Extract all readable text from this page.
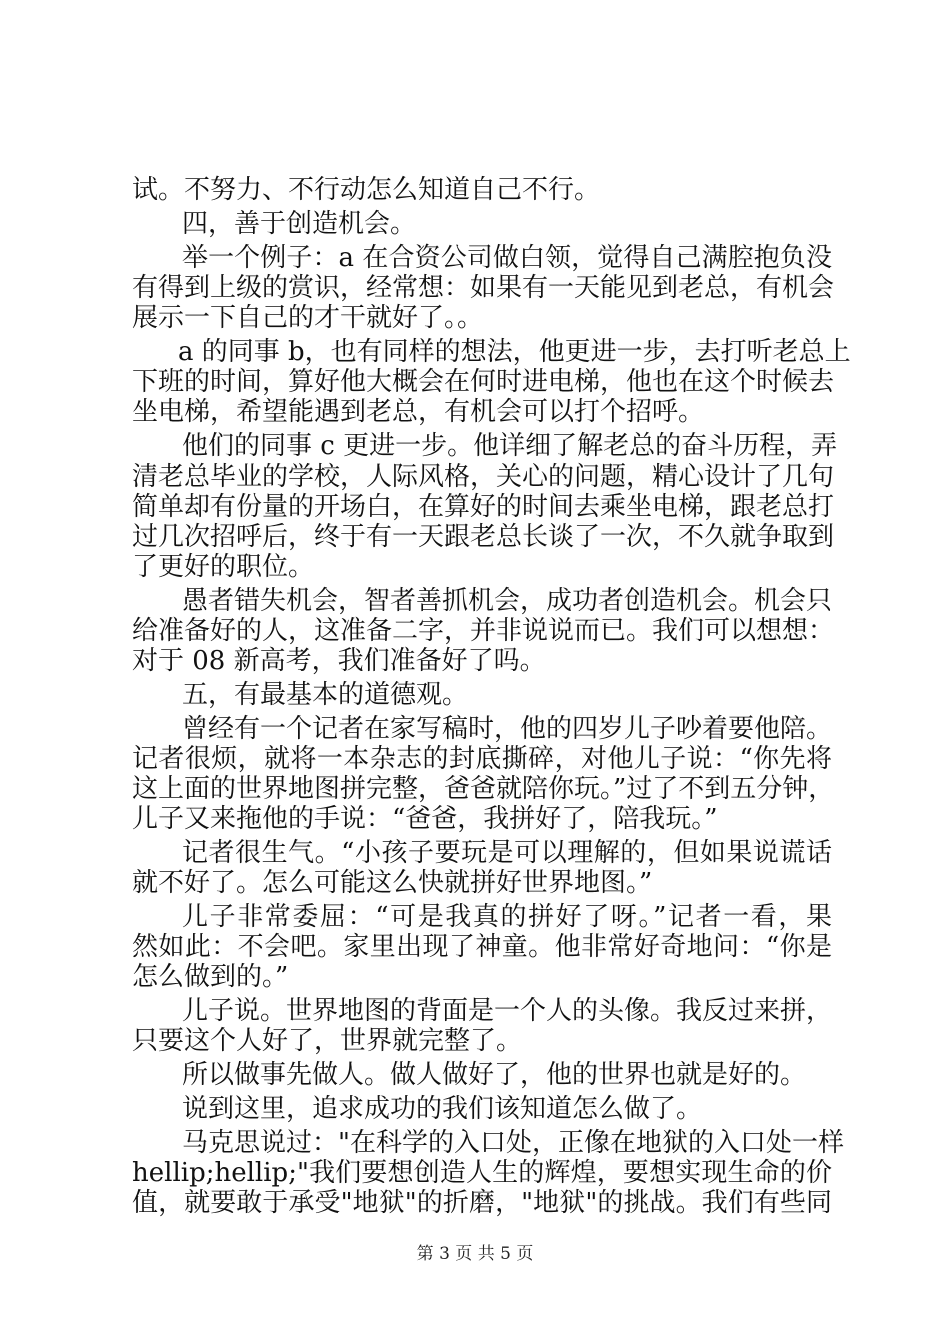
试。不努力、不行动怎么知道自己不行。
四，善于创造机会。
举一个例子：a 在合资公司做白领，觉得自己满腔抱负没
有得到上级的赏识，经常想：如果有一天能见到老总，有机会
展示一下自己的才干就好了。。
a 的同事 b，也有同样的想法，他更进一步，去打听老总上
下班的时间，算好他大概会在何时进电梯，他也在这个时候去
坐电梯，希望能遇到老总，有机会可以打个招呼。
他们的同事 c 更进一步。他详细了解老总的奋斗历程，弄
清老总毕业的学校，人际风格，关心的问题，精心设计了几句
简单却有份量的开场白，在算好的时间去乘坐电梯，跟老总打
过几次招呼后，终于有一天跟老总长谈了一次，不久就争取到
了更好的职位。
愚者错失机会，智者善抓机会，成功者创造机会。机会只
给准备好的人，这准备二字，并非说说而已。我们可以想想：
对于 08 新高考，我们准备好了吗。
五，有最基本的道德观。
曾经有一个记者在家写稿时，他的四岁儿子吵着要他陪。
记者很烦，就将一本杂志的封底撕碎，对他儿子说：“你先将
这上面的世界地图拼完整，爸爸就陪你玩。”过了不到五分钟，
儿子又来拖他的手说：“爸爸，我拼好了，陪我玩。”
记者很生气。“小孩子要玩是可以理解的，但如果说谎话
就不好了。怎么可能这么快就拼好世界地图。”
儿子非常委屈：“可是我真的拼好了呀。”记者一看，果
然如此：不会吧。家里出现了神童。他非常好奇地问：“你是
怎么做到的。”
儿子说。世界地图的背面是一个人的头像。我反过来拼，
只要这个人好了，世界就完整了。
所以做事先做人。做人做好了，他的世界也就是好的。
说到这里，追求成功的我们该知道怎么做了。
马克思说过："在科学的入口处，正像在地狱的入口处一样
hellip;hellip;"我们要想创造人生的辉煌，要想实现生命的价
值，就要敢于承受"地狱"的折磨，"地狱"的挑战。我们有些同
第 3 页 共 5 页
